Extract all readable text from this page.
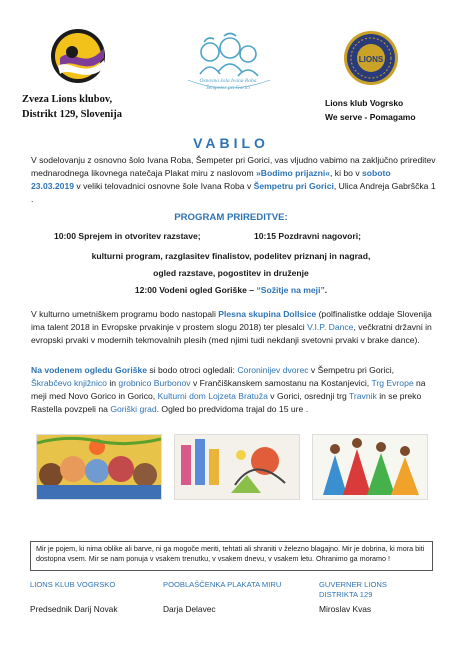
Osnovna šola Ivana Roba
Šempeter pri Gorici
LIONS
Zveza Lions klubov,
Distrikt 129, Slovenija
Lions klub Vogrsko
We serve - Pomagamo
VABILO
V sodelovanju z osnovno šolo Ivana Roba, Šempeter pri Gorici, vas vljudno vabimo na zaključno prireditev mednarodnega likovnega natečaja Plakat miru z naslovom »Bodimo prijazni«, ki bo v soboto 23.03.2019 v veliki telovadnici osnovne šole Ivana Roba v Šempetru pri Gorici, Ulica Andreja Gabrščka 1 .
PROGRAM PRIREDITVE:
10:00 Sprejem in otvoritev razstave;	10:15 Pozdravni nagovori;
kulturni program, razglasitev finalistov, podelitev priznanj in nagrad,
ogled razstave, pogostitev in druženje
12:00 Vodeni ogled Goriške – “Sožitje na meji”.
V kulturno umetniškem programu bodo nastopali Plesna skupina Dollsice (polfinalistke oddaje Slovenija ima talent 2018 in Evropske prvakinje v prostem slogu 2018) ter plesalci V.I.P. Dance, večkratni državni in evropski prvaki v modernih tekmovalnih plesih (med njimi tudi nekdanji svetovni prvaki v brake dance).
Na vodenem ogledu Goriške si bodo otroci ogledali: Coroninijev dvorec v Šempetru pri Gorici, Škrabčevo knjižnico in grobnico Burbonov v Frančiškanskem samostanu na Kostanjevici, Trg Evrope na meji med Novo Gorico in Gorico, Kulturni dom Lojzeta Bratuža v Gorici, osrednji trg Travnik in se preko Rastella povzpeli na Goriški grad. Ogled bo predvidoma trajal do 15 ure .
Mir je pojem, ki nima oblike ali barve, ni ga mogoče meriti, tehtati ali shraniti v železno blagajno. Mir je dobrina, ki mora biti dostopna vsem. Mir se nam ponuja v vsakem trenutku, v vsakem dnevu, v vsakem letu. Ohranimo ga moramo !
LIONS KLUB VOGRSKO
Predsednik Darij Novak
POOBLAŠČENKA PLAKATA MIRU
Darja Delavec
GUVERNER LIONS DISTRIKTA 129
Miroslav Kvas
